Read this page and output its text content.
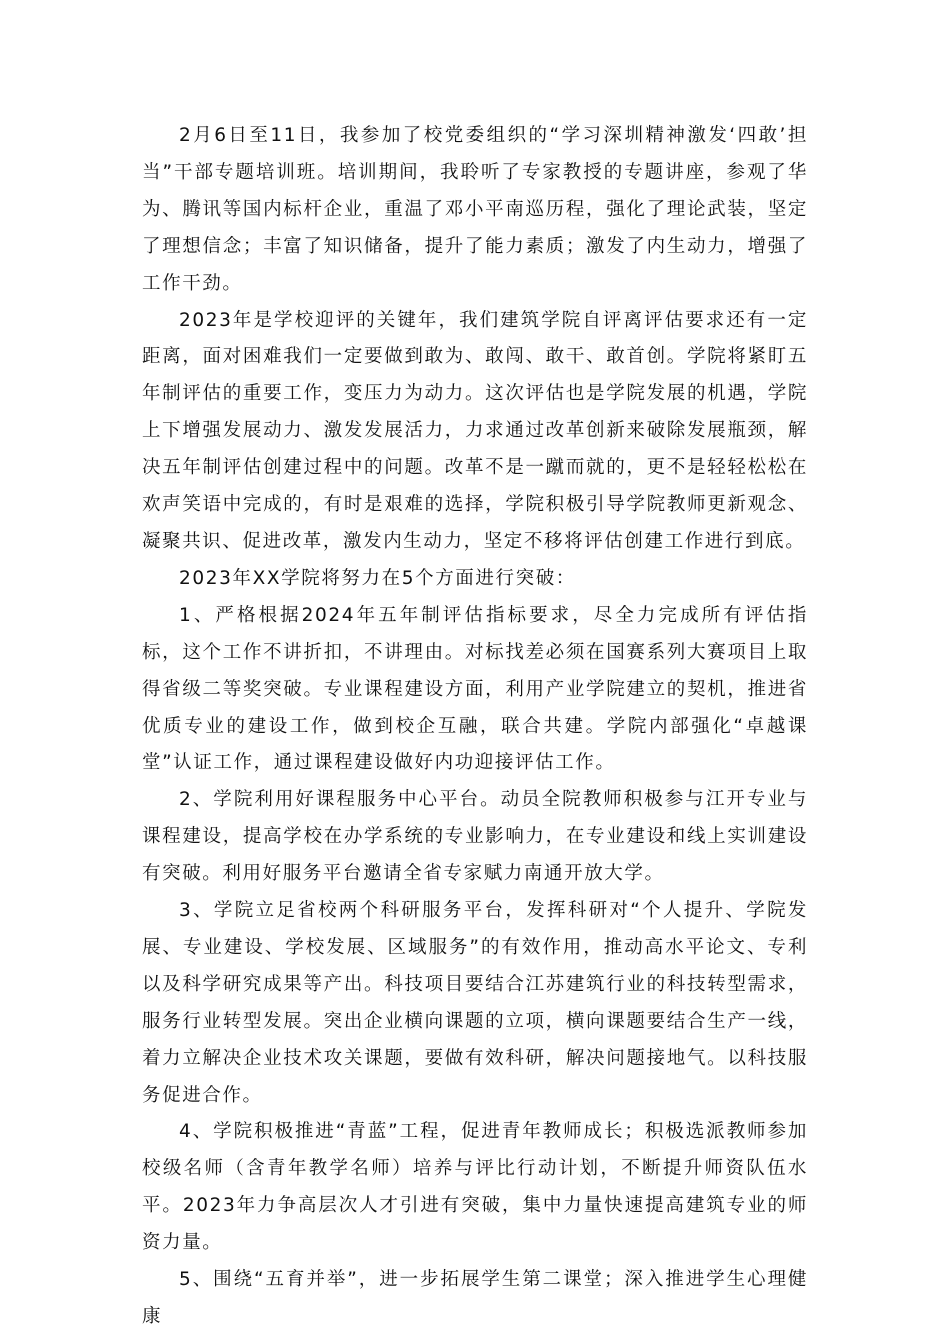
2月6日至11日，我参加了校党委组织的“学习深圳精神激发‘四敢’担当”干部专题培训班。培训期间，我聆听了专家教授的专题讲座，参观了华为、腾讯等国内标杆企业，重温了邓小平南巡历程，强化了理论武装，坚定了理想信念；丰富了知识储备，提升了能力素质；激发了内生动力，增强了工作干劲。

2023年是学校迎评的关键年，我们建筑学院自评离评估要求还有一定距离，面对困难我们一定要做到敢为、敢闯、敢干、敢首创。学院将紧盯五年制评估的重要工作，变压力为动力。这次评估也是学院发展的机遇，学院上下增强发展动力、激发发展活力，力求通过改革创新来破除发展瓶颈，解决五年制评估创建过程中的问题。改革不是一蹴而就的，更不是轻轻松松在欢声笑语中完成的，有时是艰难的选择，学院积极引导学院教师更新观念、凝聚共识、促进改革，激发内生动力，坚定不移将评估创建工作进行到底。

2023年XX学院将努力在5个方面进行突破：

1、严格根据2024年五年制评估指标要求，尽全力完成所有评估指标，这个工作不讲折扣，不讲理由。对标找差必须在国赛系列大赛项目上取得省级二等奖突破。专业课程建设方面，利用产业学院建立的契机，推进省优质专业的建设工作，做到校企互融，联合共建。学院内部强化“卓越课堂”认证工作，通过课程建设做好内功迎接评估工作。

2、学院利用好课程服务中心平台。动员全院教师积极参与江开专业与课程建设，提高学校在办学系统的专业影响力，在专业建设和线上实训建设有突破。利用好服务平台邀请全省专家赋力南通开放大学。

3、学院立足省校两个科研服务平台，发挥科研对“个人提升、学院发展、专业建设、学校发展、区域服务”的有效作用，推动高水平论文、专利以及科学研究成果等产出。科技项目要结合江苏建筑行业的科技转型需求，服务行业转型发展。突出企业横向课题的立项，横向课题要结合生产一线，着力立解决企业技术攻关课题，要做有效科研，解决问题接地气。以科技服务促进合作。

4、学院积极推进“青蓝”工程，促进青年教师成长；积极选派教师参加校级名师（含青年教学名师）培养与评比行动计划，不断提升师资队伍水平。2023年力争高层次人才引进有突破，集中力量快速提高建筑专业的师资力量。

5、围绕“五育并举”，进一步拓展学生第二课堂；深入推进学生心理健康
